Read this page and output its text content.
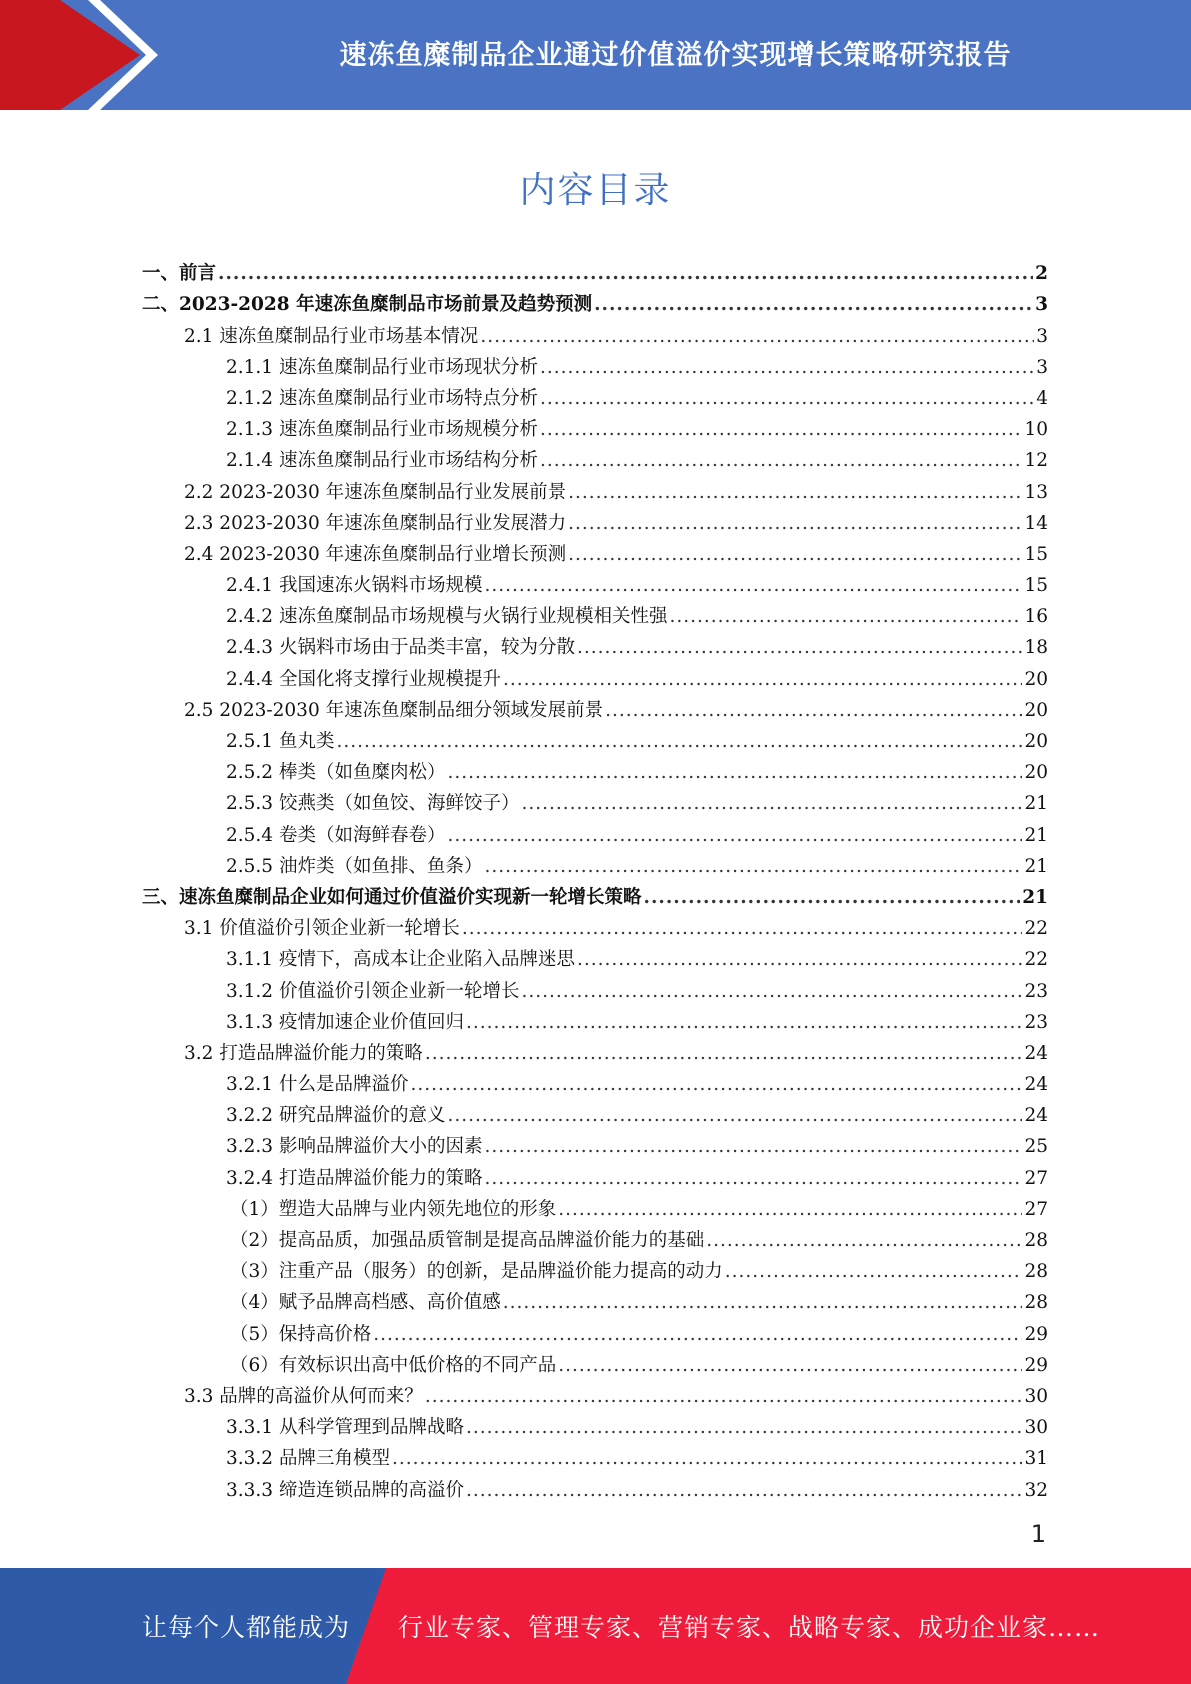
速冻鱼糜制品企业通过价值溢价实现增长策略研究报告
内容目录
一、前言 .....	2
二、2023-2028 年速冻鱼糜制品市场前景及趋势预测 .....	3
2.1 速冻鱼糜制品行业市场基本情况 .....	3
2.1.1 速冻鱼糜制品行业市场现状分析 .....	3
2.1.2 速冻鱼糜制品行业市场特点分析 .....	4
2.1.3 速冻鱼糜制品行业市场规模分析 .....	10
2.1.4 速冻鱼糜制品行业市场结构分析 .....	12
2.2 2023-2030 年速冻鱼糜制品行业发展前景 .....	13
2.3 2023-2030 年速冻鱼糜制品行业发展潜力 .....	14
2.4 2023-2030 年速冻鱼糜制品行业增长预测 .....	15
2.4.1 我国速冻火锅料市场规模 .....	15
2.4.2 速冻鱼糜制品市场规模与火锅行业规模相关性强 .....	16
2.4.3 火锅料市场由于品类丰富，较为分散 .....	18
2.4.4 全国化将支撑行业规模提升 .....	20
2.5 2023-2030 年速冻鱼糜制品细分领域发展前景 .....	20
2.5.1 鱼丸类 .....	20
2.5.2 棒类（如鱼糜肉松） .....	20
2.5.3 饺燕类（如鱼饺、海鲜饺子） .....	21
2.5.4 卷类（如海鲜春卷） .....	21
2.5.5 油炸类（如鱼排、鱼条） .....	21
三、速冻鱼糜制品企业如何通过价值溢价实现新一轮增长策略 .....	21
3.1 价值溢价引领企业新一轮增长 .....	22
3.1.1 疫情下，高成本让企业陷入品牌迷思 .....	22
3.1.2 价值溢价引领企业新一轮增长 .....	23
3.1.3 疫情加速企业价值回归 .....	23
3.2 打造品牌溢价能力的策略 .....	24
3.2.1 什么是品牌溢价 .....	24
3.2.2 研究品牌溢价的意义 .....	24
3.2.3 影响品牌溢价大小的因素 .....	25
3.2.4 打造品牌溢价能力的策略 .....	27
（1）塑造大品牌与业内领先地位的形象 .....	27
（2）提高品质，加强品质管制是提高品牌溢价能力的基础 .....	28
（3）注重产品（服务）的创新，是品牌溢价能力提高的动力 .....	28
（4）赋予品牌高档感、高价值感 .....	28
（5）保持高价格 .....	29
（6）有效标识出高中低价格的不同产品 .....	29
3.3 品牌的高溢价从何而来？ .....	30
3.3.1 从科学管理到品牌战略 .....	30
3.3.2 品牌三角模型 .....	31
3.3.3 缔造连锁品牌的高溢价 .....	32
1
让每个人都能成为 行业专家、管理专家、营销专家、战略专家、成功企业家……
